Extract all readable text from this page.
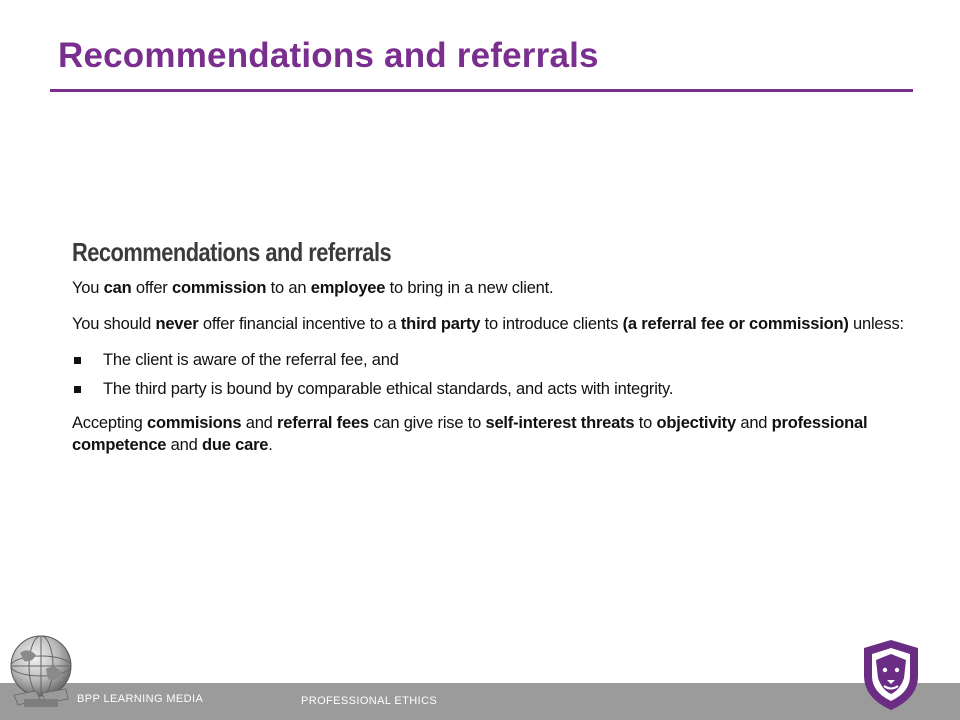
Recommendations and referrals
Recommendations and referrals

You can offer commission to an employee to bring in a new client.

You should never offer financial incentive to a third party to introduce clients (a referral fee or commission) unless:

The client is aware of the referral fee, and
The third party is bound by comparable ethical standards, and acts with integrity.

Accepting commisions and referral fees can give rise to self-interest threats to objectivity and professional competence and due care.

BPP LEARNING MEDIA	PROFESSIONAL ETHICS
